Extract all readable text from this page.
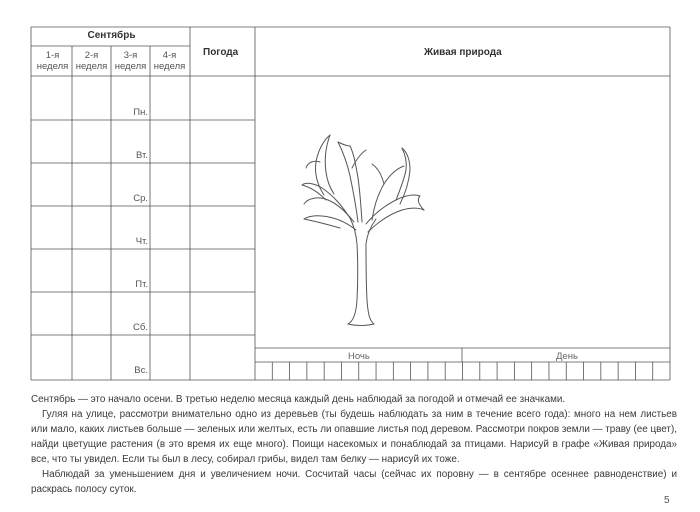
Сентябрь
1-я
неделя
2-я
неделя
3-я
неделя
4-я
неделя
Погода	Живая природа
Пн.
Вт.
Ср.
Чт.
Пт.
Сб.
Вс.
Ночь	День

Сентябрь — это начало осени. В третью неделю месяца каждый день наблюдай за погодой и отмечай ее значками.

Гуляя на улице, рассмотри внимательно одно из деревьев (ты будешь наблюдать за ним в течение всего года): много на нем листьев или мало, каких листьев больше — зеленых или желтых, есть ли опавшие листья под деревом. Рассмотри покров земли — траву (ее цвет), найди цветущие растения (в это время их еще много). Поищи насекомых и понаблюдай за птицами. Нарисуй в графе «Живая природа» все, что ты увидел. Если ты был в лесу, собирал грибы, видел там белку — нарисуй их тоже.

Наблюдай за уменьшением дня и увеличением ночи. Сосчитай часы (сейчас их поровну — в сентябре осеннее равноденствие) и раскрась полосу суток.

5
